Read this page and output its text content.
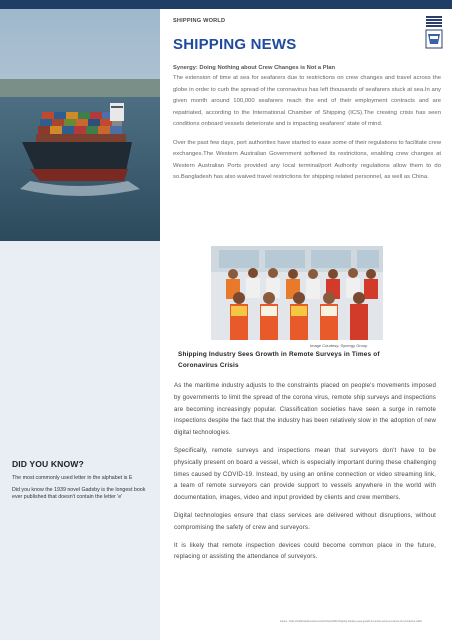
DID YOU KNOW?

The most commonly used letter in the alphabet is E

Did you know the 1939 novel Gadsby is the longest book ever published that doesn't contain the letter 'e'

SHIPPING WORLD
SHIPPING NEWS

Synergy: Doing Nothing about Crew Changes is Not a Plan

The extension of time at sea for seafarers due to restrictions on crew changes and travel across the globe in order to curb the spread of the coronavirus has left thousands of seafarers stuck at sea.In any given month around 100,000 seafarers reach the end of their employment contracts and are repatriated, according to the International Chamber of Shipping (ICS).The crewing crisis has seen conditions onboard vessels deteriorate and is impacting seafarers' state of mind.

Over the past few days, port authorities have started to ease some of their regulations to facilitate crew exchanges.The Western Australian Government softened its restrictions, enabling crew changes at Western Australian Ports provided any local terminal/port Authority regulations allow them to do so.Bangladesh has also waived travel restrictions for shipping related personnel, as well as China.

Image Courtesy: Synergy Group
Shipping Industry Sees Growth in Remote Surveys in Times of Coronavirus Crisis

As the maritime industry adjusts to the constraints placed on people's movements imposed by governments to limit the spread of the corona virus, remote ship surveys and inspections are becoming increasingly popular. Classification societies have seen a surge in remote inspections despite the fact that the industry has been relatively slow in the adoption of new digital technologies.

Specifically, remote surveys and inspections mean that surveyors don't have to be physically present on board a vessel, which is especially important during these challenging times caused by COVID-19. Instead, by using an online connection or video streaming link, a team of remote surveyors can provide support to vessels anywhere in the world with documentation, images, video and input provided by clients and crew members.

Digital technologies ensure that class services are delivered without disruptions, without compromising the safety of crew and surveyors.

It is likely that remote inspection devices could become common place in the future, replacing or assisting the attendance of surveyors.

source : https://worldmaritimenews.com/archives/2021/shipping-industry-sees-growth-in-remote-surveys-in-times-of-coronavirus-crisis/
